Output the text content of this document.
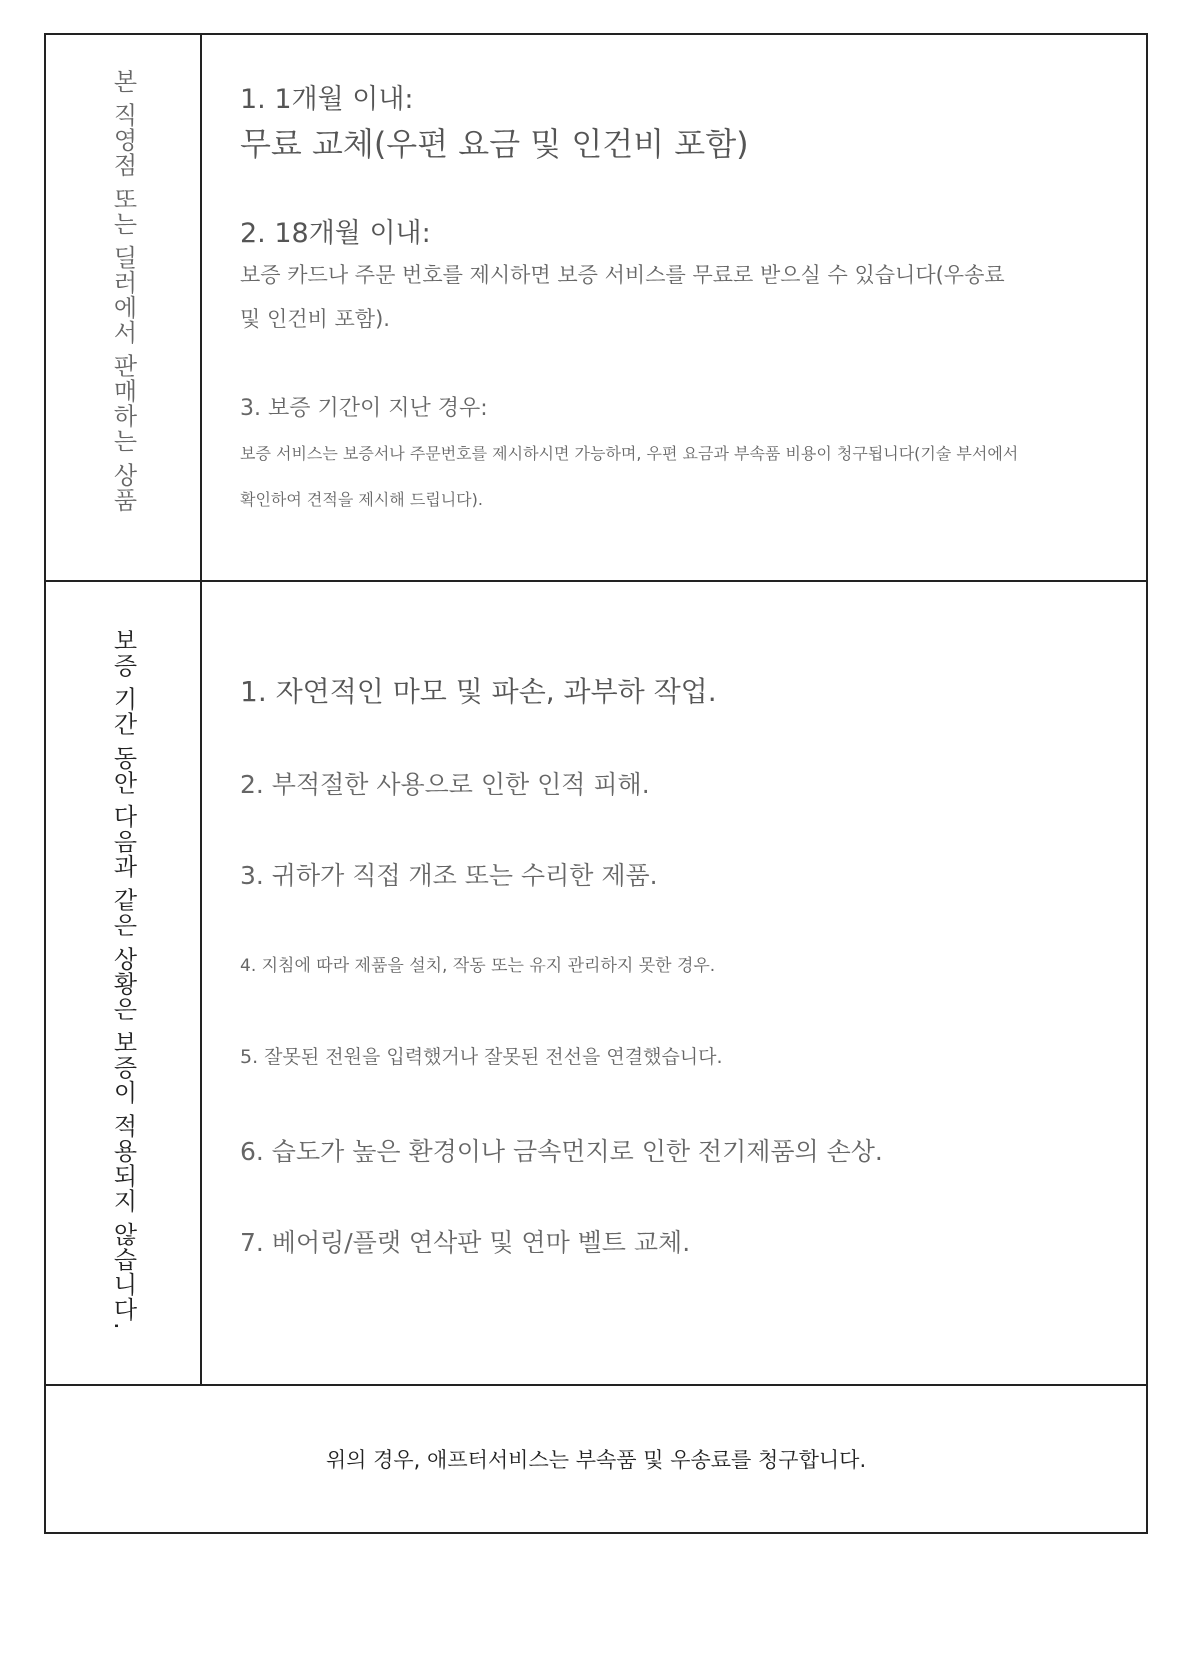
본 직영점 또는 딜러에서 판매하는 상품	1. 1개월 이내:

무료 교체(우편 요금 및 인건비 포함)

2. 18개월 이내:

보증 카드나 주문 번호를 제시하면 보증 서비스를 무료로 받으실 수 있습니다(우송료

및 인건비 포함).

3. 보증 기간이 지난 경우:

보증 서비스는 보증서나 주문번호를 제시하시면 가능하며, 우편 요금과 부속품 비용이 청구됩니다(기술 부서에서

확인하여 견적을 제시해 드립니다).

보증 기간 동안 다음과 같은 상황은 보증이 적용되지 않습니다.	1. 자연적인 마모 및 파손, 과부하 작업.

2. 부적절한 사용으로 인한 인적 피해.

3. 귀하가 직접 개조 또는 수리한 제품.

4. 지침에 따라 제품을 설치, 작동 또는 유지 관리하지 못한 경우.

5. 잘못된 전원을 입력했거나 잘못된 전선을 연결했습니다.

6. 습도가 높은 환경이나 금속먼지로 인한 전기제품의 손상.

7. 베어링/플랫 연삭판 및 연마 벨트 교체.

위의 경우, 애프터서비스는 부속품 및 우송료를 청구합니다.
